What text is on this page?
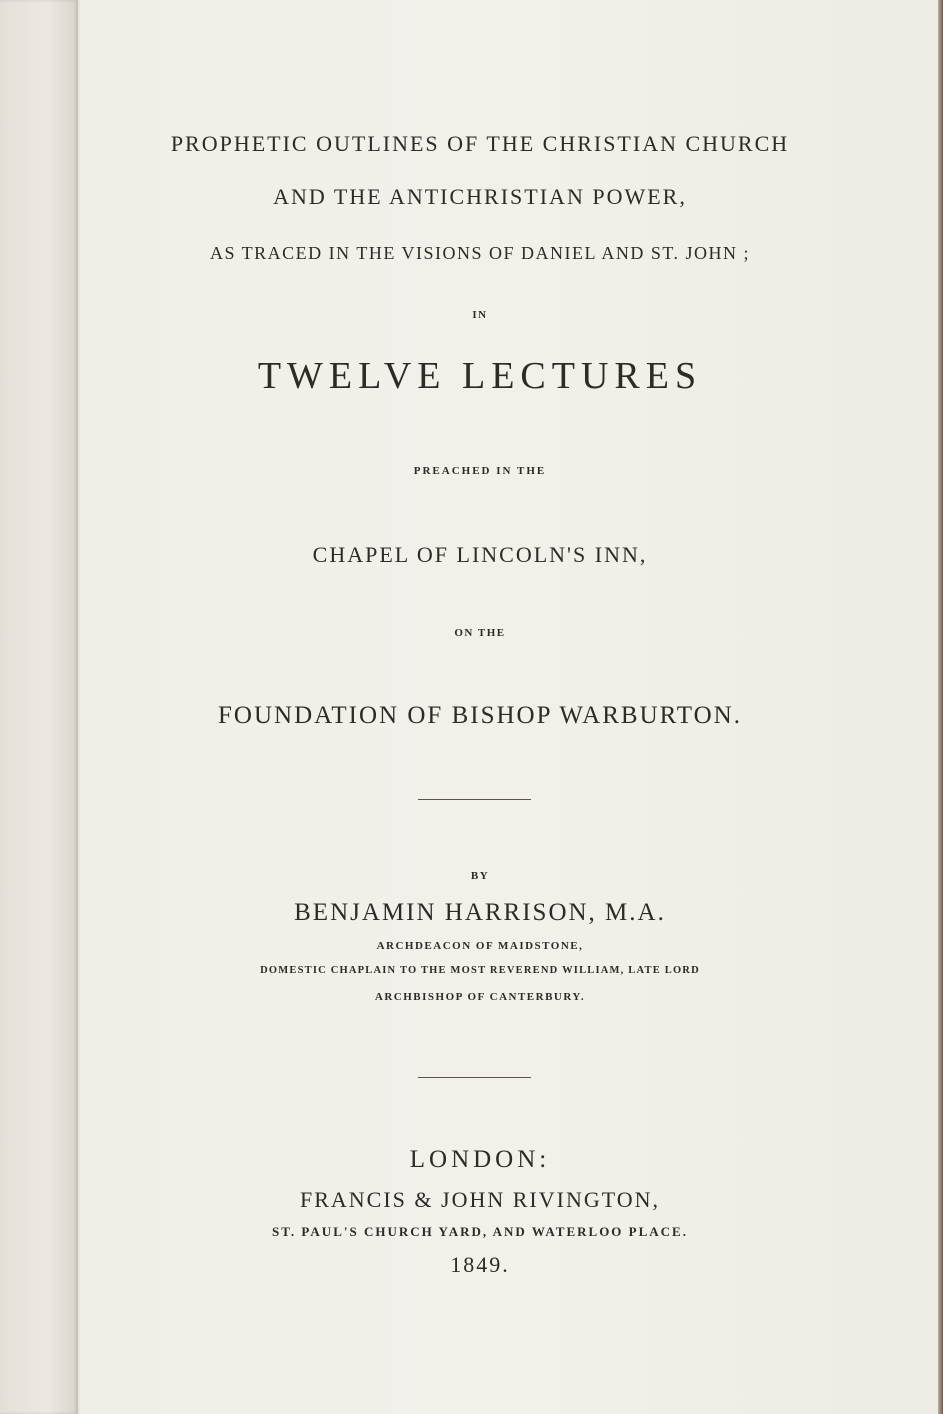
PROPHETIC OUTLINES OF THE CHRISTIAN CHURCH
AND THE ANTICHRISTIAN POWER,
AS TRACED IN THE VISIONS OF DANIEL AND ST. JOHN ;
IN
TWELVE LECTURES
PREACHED IN THE
CHAPEL OF LINCOLN'S INN,
ON THE
FOUNDATION OF BISHOP WARBURTON.
BY
BENJAMIN HARRISON, M.A.
ARCHDEACON OF MAIDSTONE,
DOMESTIC CHAPLAIN TO THE MOST REVEREND WILLIAM, LATE LORD
ARCHBISHOP OF CANTERBURY.
LONDON:
FRANCIS & JOHN RIVINGTON,
ST. PAUL'S CHURCH YARD, AND WATERLOO PLACE.
1849.
